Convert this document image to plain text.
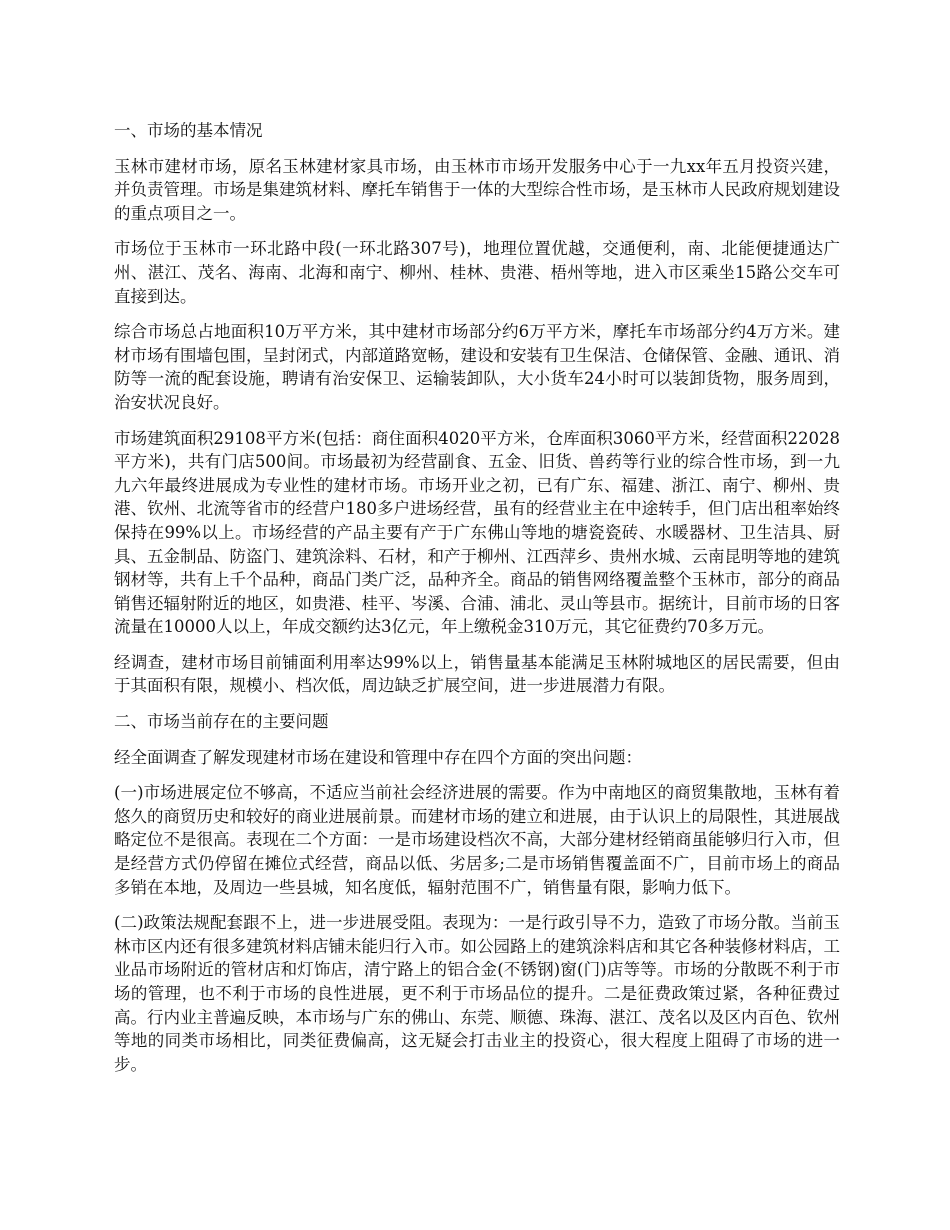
一、市场的基本情况

玉林市建材市场，原名玉林建材家具市场，由玉林市市场开发服务中心于一九xx年五月投资兴建，并负责管理。市场是集建筑材料、摩托车销售于一体的大型综合性市场，是玉林市人民政府规划建设的重点项目之一。

市场位于玉林市一环北路中段(一环北路307号)，地理位置优越，交通便利，南、北能便捷通达广州、湛江、茂名、海南、北海和南宁、柳州、桂林、贵港、梧州等地，进入市区乘坐15路公交车可直接到达。

综合市场总占地面积10万平方米，其中建材市场部分约6万平方米，摩托车市场部分约4万方米。建材市场有围墙包围，呈封闭式，内部道路宽畅，建设和安装有卫生保洁、仓储保管、金融、通讯、消防等一流的配套设施，聘请有治安保卫、运输装卸队，大小货车24小时可以装卸货物，服务周到，治安状况良好。

市场建筑面积29108平方米(包括：商住面积4020平方米，仓库面积3060平方米，经营面积22028平方米)，共有门店500间。市场最初为经营副食、五金、旧货、兽药等行业的综合性市场，到一九九六年最终进展成为专业性的建材市场。市场开业之初，已有广东、福建、浙江、南宁、柳州、贵港、钦州、北流等省市的经营户180多户进场经营，虽有的经营业主在中途转手，但门店出租率始终保持在99%以上。市场经营的产品主要有产于广东佛山等地的塘瓷瓷砖、水暖器材、卫生洁具、厨具、五金制品、防盗门、建筑涂料、石材，和产于柳州、江西萍乡、贵州水城、云南昆明等地的建筑钢材等，共有上千个品种，商品门类广泛，品种齐全。商品的销售网络覆盖整个玉林市，部分的商品销售还辐射附近的地区，如贵港、桂平、岑溪、合浦、浦北、灵山等县市。据统计，目前市场的日客流量在10000人以上，年成交额约达3亿元，年上缴税金310万元，其它征费约70多万元。

经调查，建材市场目前铺面利用率达99%以上，销售量基本能满足玉林附城地区的居民需要，但由于其面积有限，规模小、档次低，周边缺乏扩展空间，进一步进展潜力有限。

二、市场当前存在的主要问题

经全面调查了解发现建材市场在建设和管理中存在四个方面的突出问题：

(一)市场进展定位不够高，不适应当前社会经济进展的需要。作为中南地区的商贸集散地，玉林有着悠久的商贸历史和较好的商业进展前景。而建材市场的建立和进展，由于认识上的局限性，其进展战略定位不是很高。表现在二个方面：一是市场建设档次不高，大部分建材经销商虽能够归行入市，但是经营方式仍停留在摊位式经营，商品以低、劣居多;二是市场销售覆盖面不广，目前市场上的商品多销在本地，及周边一些县城，知名度低，辐射范围不广，销售量有限，影响力低下。

(二)政策法规配套跟不上，进一步进展受阻。表现为：一是行政引导不力，造致了市场分散。当前玉林市区内还有很多建筑材料店铺未能归行入市。如公园路上的建筑涂料店和其它各种装修材料店，工业品市场附近的管材店和灯饰店，清宁路上的铝合金(不锈钢)窗(门)店等等。市场的分散既不利于市场的管理，也不利于市场的良性进展，更不利于市场品位的提升。二是征费政策过紧，各种征费过高。行内业主普遍反映，本市场与广东的佛山、东莞、顺德、珠海、湛江、茂名以及区内百色、钦州等地的同类市场相比，同类征费偏高，这无疑会打击业主的投资心，很大程度上阻碍了市场的进一步。
